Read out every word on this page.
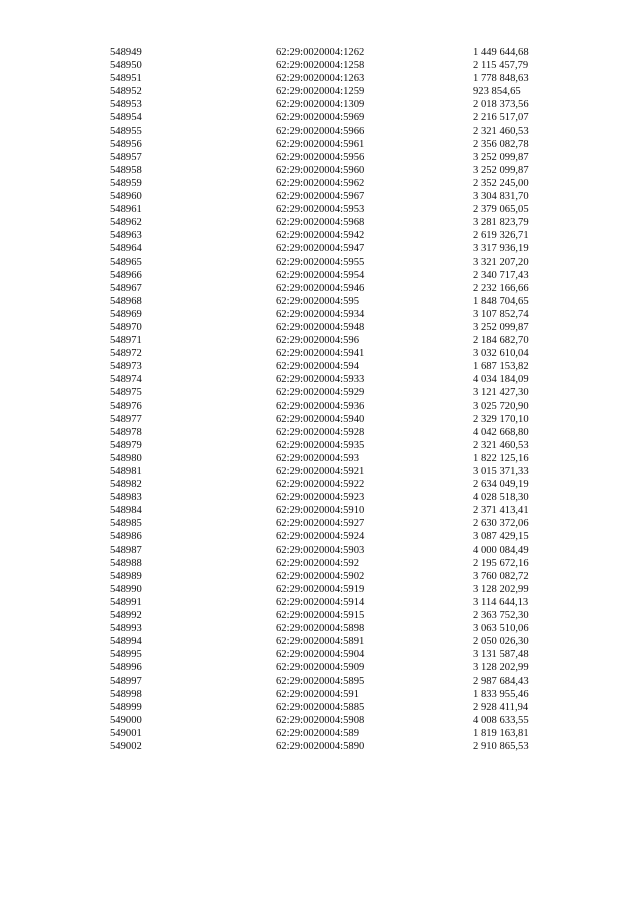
548949	62:29:0020004:1262	1 449 644,68
548950	62:29:0020004:1258	2 115 457,79
548951	62:29:0020004:1263	1 778 848,63
548952	62:29:0020004:1259	923 854,65
548953	62:29:0020004:1309	2 018 373,56
548954	62:29:0020004:5969	2 216 517,07
548955	62:29:0020004:5966	2 321 460,53
548956	62:29:0020004:5961	2 356 082,78
548957	62:29:0020004:5956	3 252 099,87
548958	62:29:0020004:5960	3 252 099,87
548959	62:29:0020004:5962	2 352 245,00
548960	62:29:0020004:5967	3 304 831,70
548961	62:29:0020004:5953	2 379 065,05
548962	62:29:0020004:5968	3 281 823,79
548963	62:29:0020004:5942	2 619 326,71
548964	62:29:0020004:5947	3 317 936,19
548965	62:29:0020004:5955	3 321 207,20
548966	62:29:0020004:5954	2 340 717,43
548967	62:29:0020004:5946	2 232 166,66
548968	62:29:0020004:595	1 848 704,65
548969	62:29:0020004:5934	3 107 852,74
548970	62:29:0020004:5948	3 252 099,87
548971	62:29:0020004:596	2 184 682,70
548972	62:29:0020004:5941	3 032 610,04
548973	62:29:0020004:594	1 687 153,82
548974	62:29:0020004:5933	4 034 184,09
548975	62:29:0020004:5929	3 121 427,30
548976	62:29:0020004:5936	3 025 720,90
548977	62:29:0020004:5940	2 329 170,10
548978	62:29:0020004:5928	4 042 668,80
548979	62:29:0020004:5935	2 321 460,53
548980	62:29:0020004:593	1 822 125,16
548981	62:29:0020004:5921	3 015 371,33
548982	62:29:0020004:5922	2 634 049,19
548983	62:29:0020004:5923	4 028 518,30
548984	62:29:0020004:5910	2 371 413,41
548985	62:29:0020004:5927	2 630 372,06
548986	62:29:0020004:5924	3 087 429,15
548987	62:29:0020004:5903	4 000 084,49
548988	62:29:0020004:592	2 195 672,16
548989	62:29:0020004:5902	3 760 082,72
548990	62:29:0020004:5919	3 128 202,99
548991	62:29:0020004:5914	3 114 644,13
548992	62:29:0020004:5915	2 363 752,30
548993	62:29:0020004:5898	3 063 510,06
548994	62:29:0020004:5891	2 050 026,30
548995	62:29:0020004:5904	3 131 587,48
548996	62:29:0020004:5909	3 128 202,99
548997	62:29:0020004:5895	2 987 684,43
548998	62:29:0020004:591	1 833 955,46
548999	62:29:0020004:5885	2 928 411,94
549000	62:29:0020004:5908	4 008 633,55
549001	62:29:0020004:589	1 819 163,81
549002	62:29:0020004:5890	2 910 865,53
